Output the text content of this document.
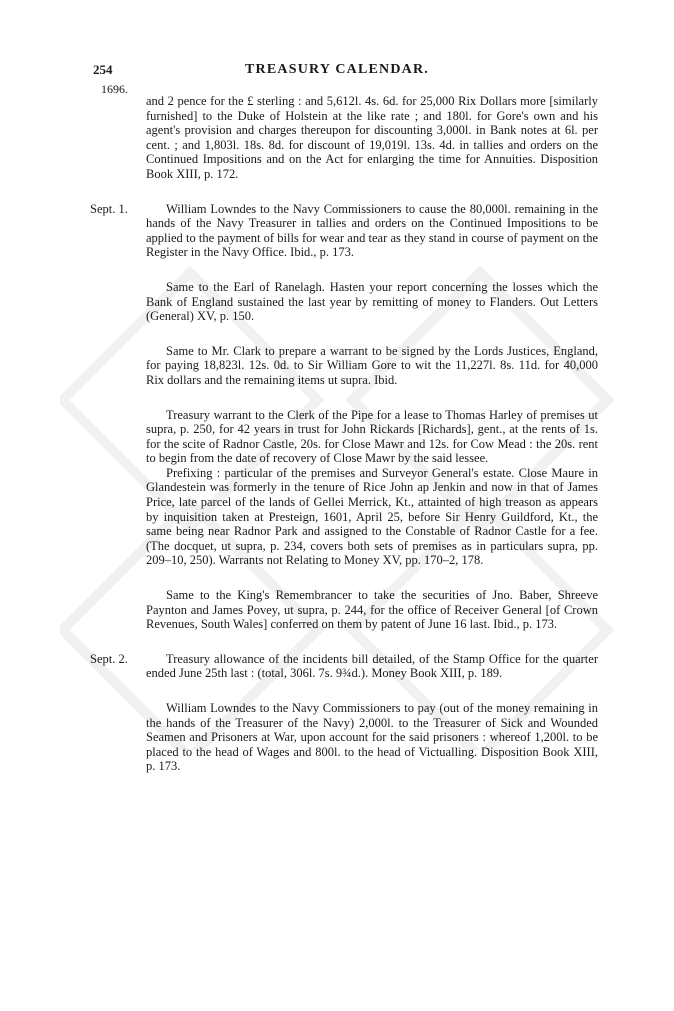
254	TREASURY CALENDAR.
1696.

and 2 pence for the £ sterling : and 5,612l. 4s. 6d. for 25,000 Rix Dollars more [similarly furnished] to the Duke of Holstein at the like rate ; and 180l. for Gore's own and his agent's provision and charges thereupon for discounting 3,000l. in Bank notes at 6l. per cent. ; and 1,803l. 18s. 8d. for discount of 19,019l. 13s. 4d. in tallies and orders on the Continued Impositions and on the Act for enlarging the time for Annuities. Disposition Book XIII, p. 172.

Sept. 1.	William Lowndes to the Navy Commissioners to cause the 80,000l. remaining in the hands of the Navy Treasurer in tallies and orders on the Continued Impositions to be applied to the payment of bills for wear and tear as they stand in course of payment on the Register in the Navy Office. Ibid., p. 173.

Same to the Earl of Ranelagh. Hasten your report concerning the losses which the Bank of England sustained the last year by remitting of money to Flanders. Out Letters (General) XV, p. 150.

Same to Mr. Clark to prepare a warrant to be signed by the Lords Justices, England, for paying 18,823l. 12s. 0d. to Sir William Gore to wit the 11,227l. 8s. 11d. for 40,000 Rix dollars and the remaining items ut supra. Ibid.

Treasury warrant to the Clerk of the Pipe for a lease to Thomas Harley of premises ut supra, p. 250, for 42 years in trust for John Rickards [Richards], gent., at the rents of 1s. for the scite of Radnor Castle, 20s. for Close Mawr and 12s. for Cow Mead : the 20s. rent to begin from the date of recovery of Close Mawr by the said lessee.

Prefixing : particular of the premises and Surveyor General's estate. Close Maure in Glandestein was formerly in the tenure of Rice John ap Jenkin and now in that of James Price, late parcel of the lands of Gellei Merrick, Kt., attainted of high treason as appears by inquisition taken at Presteign, 1601, April 25, before Sir Henry Guildford, Kt., the same being near Radnor Park and assigned to the Constable of Radnor Castle for a fee. (The docquet, ut supra, p. 234, covers both sets of premises as in particulars supra, pp. 209–10, 250). Warrants not Relating to Money XV, pp. 170–2, 178.

Same to the King's Remembrancer to take the securities of Jno. Baber, Shreeve Paynton and James Povey, ut supra, p. 244, for the office of Receiver General [of Crown Revenues, South Wales] conferred on them by patent of June 16 last. Ibid., p. 173.

Sept. 2.	Treasury allowance of the incidents bill detailed, of the Stamp Office for the quarter ended June 25th last : (total, 306l. 7s. 9¾d.). Money Book XIII, p. 189.

William Lowndes to the Navy Commissioners to pay (out of the money remaining in the hands of the Treasurer of the Navy) 2,000l. to the Treasurer of Sick and Wounded Seamen and Prisoners at War, upon account for the said prisoners : whereof 1,200l. to be placed to the head of Wages and 800l. to the head of Victualling. Disposition Book XIII, p. 173.
